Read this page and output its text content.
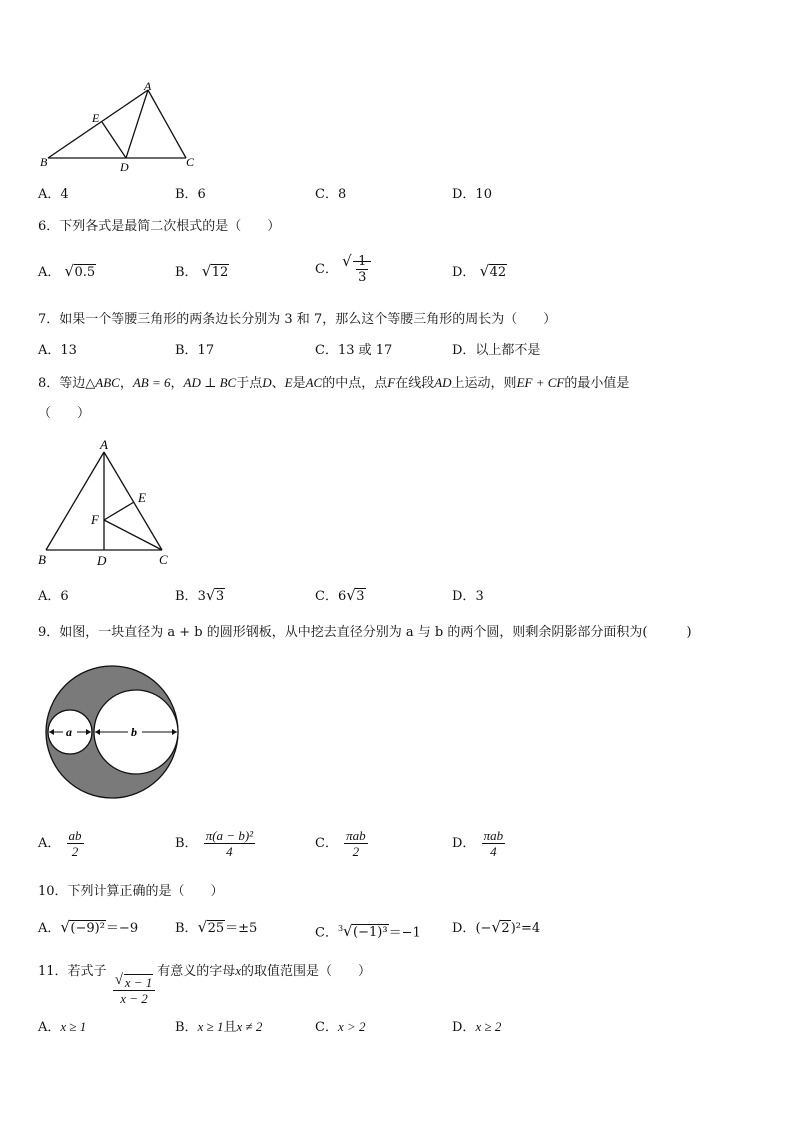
A
E
B	D	C
A．4	B．6	C．8	D．10
6．下列各式是最简二次根式的是（　　）
A． √ 0.5	B． √ 12	C． √ $\frac{1}{3}$	D． √ 42
7．如果一个等腰三角形的两条边长分别为 3 和 7，那么这个等腰三角形的周长为（　　）
A．13	B．17	C．13 或 17	D．以上都不是
8．等边△ABC，AB = 6，AD ⊥ BC于点D、E是AC的中点，点F在线段AD上运动，则EF + CF的最小值是
（　　）
A
E
F
B	D	C
A．6	B．3 √ 3	C．6 √ 3	D．3
9．如图，一块直径为 a + b 的圆形钢板，从中挖去直径分别为 a 与 b 的两个圆，则剩余阴影部分面积为(　　　)
a	b
A． $\frac{ab}{2}$	B． $\frac{\text{π(a − b)²}}{4}$	C． $\frac{\text{πab}}{2}$	D． $\frac{\text{πab}}{4}$
10．下列计算正确的是（　　）
A． √ (−9)²＝−9	B． √ 25＝±5	C．$^3$ √ (−1)³＝−1 D．(− √ 2)²=4
11．若式子
√ $\frac{x - 1}{x - 2}$
有意义的字母x的取值范围是（　　）
A．x ≥ 1	B．x ≥ 1且x ≠ 2	C．x > 2	D．x ≥ 2
